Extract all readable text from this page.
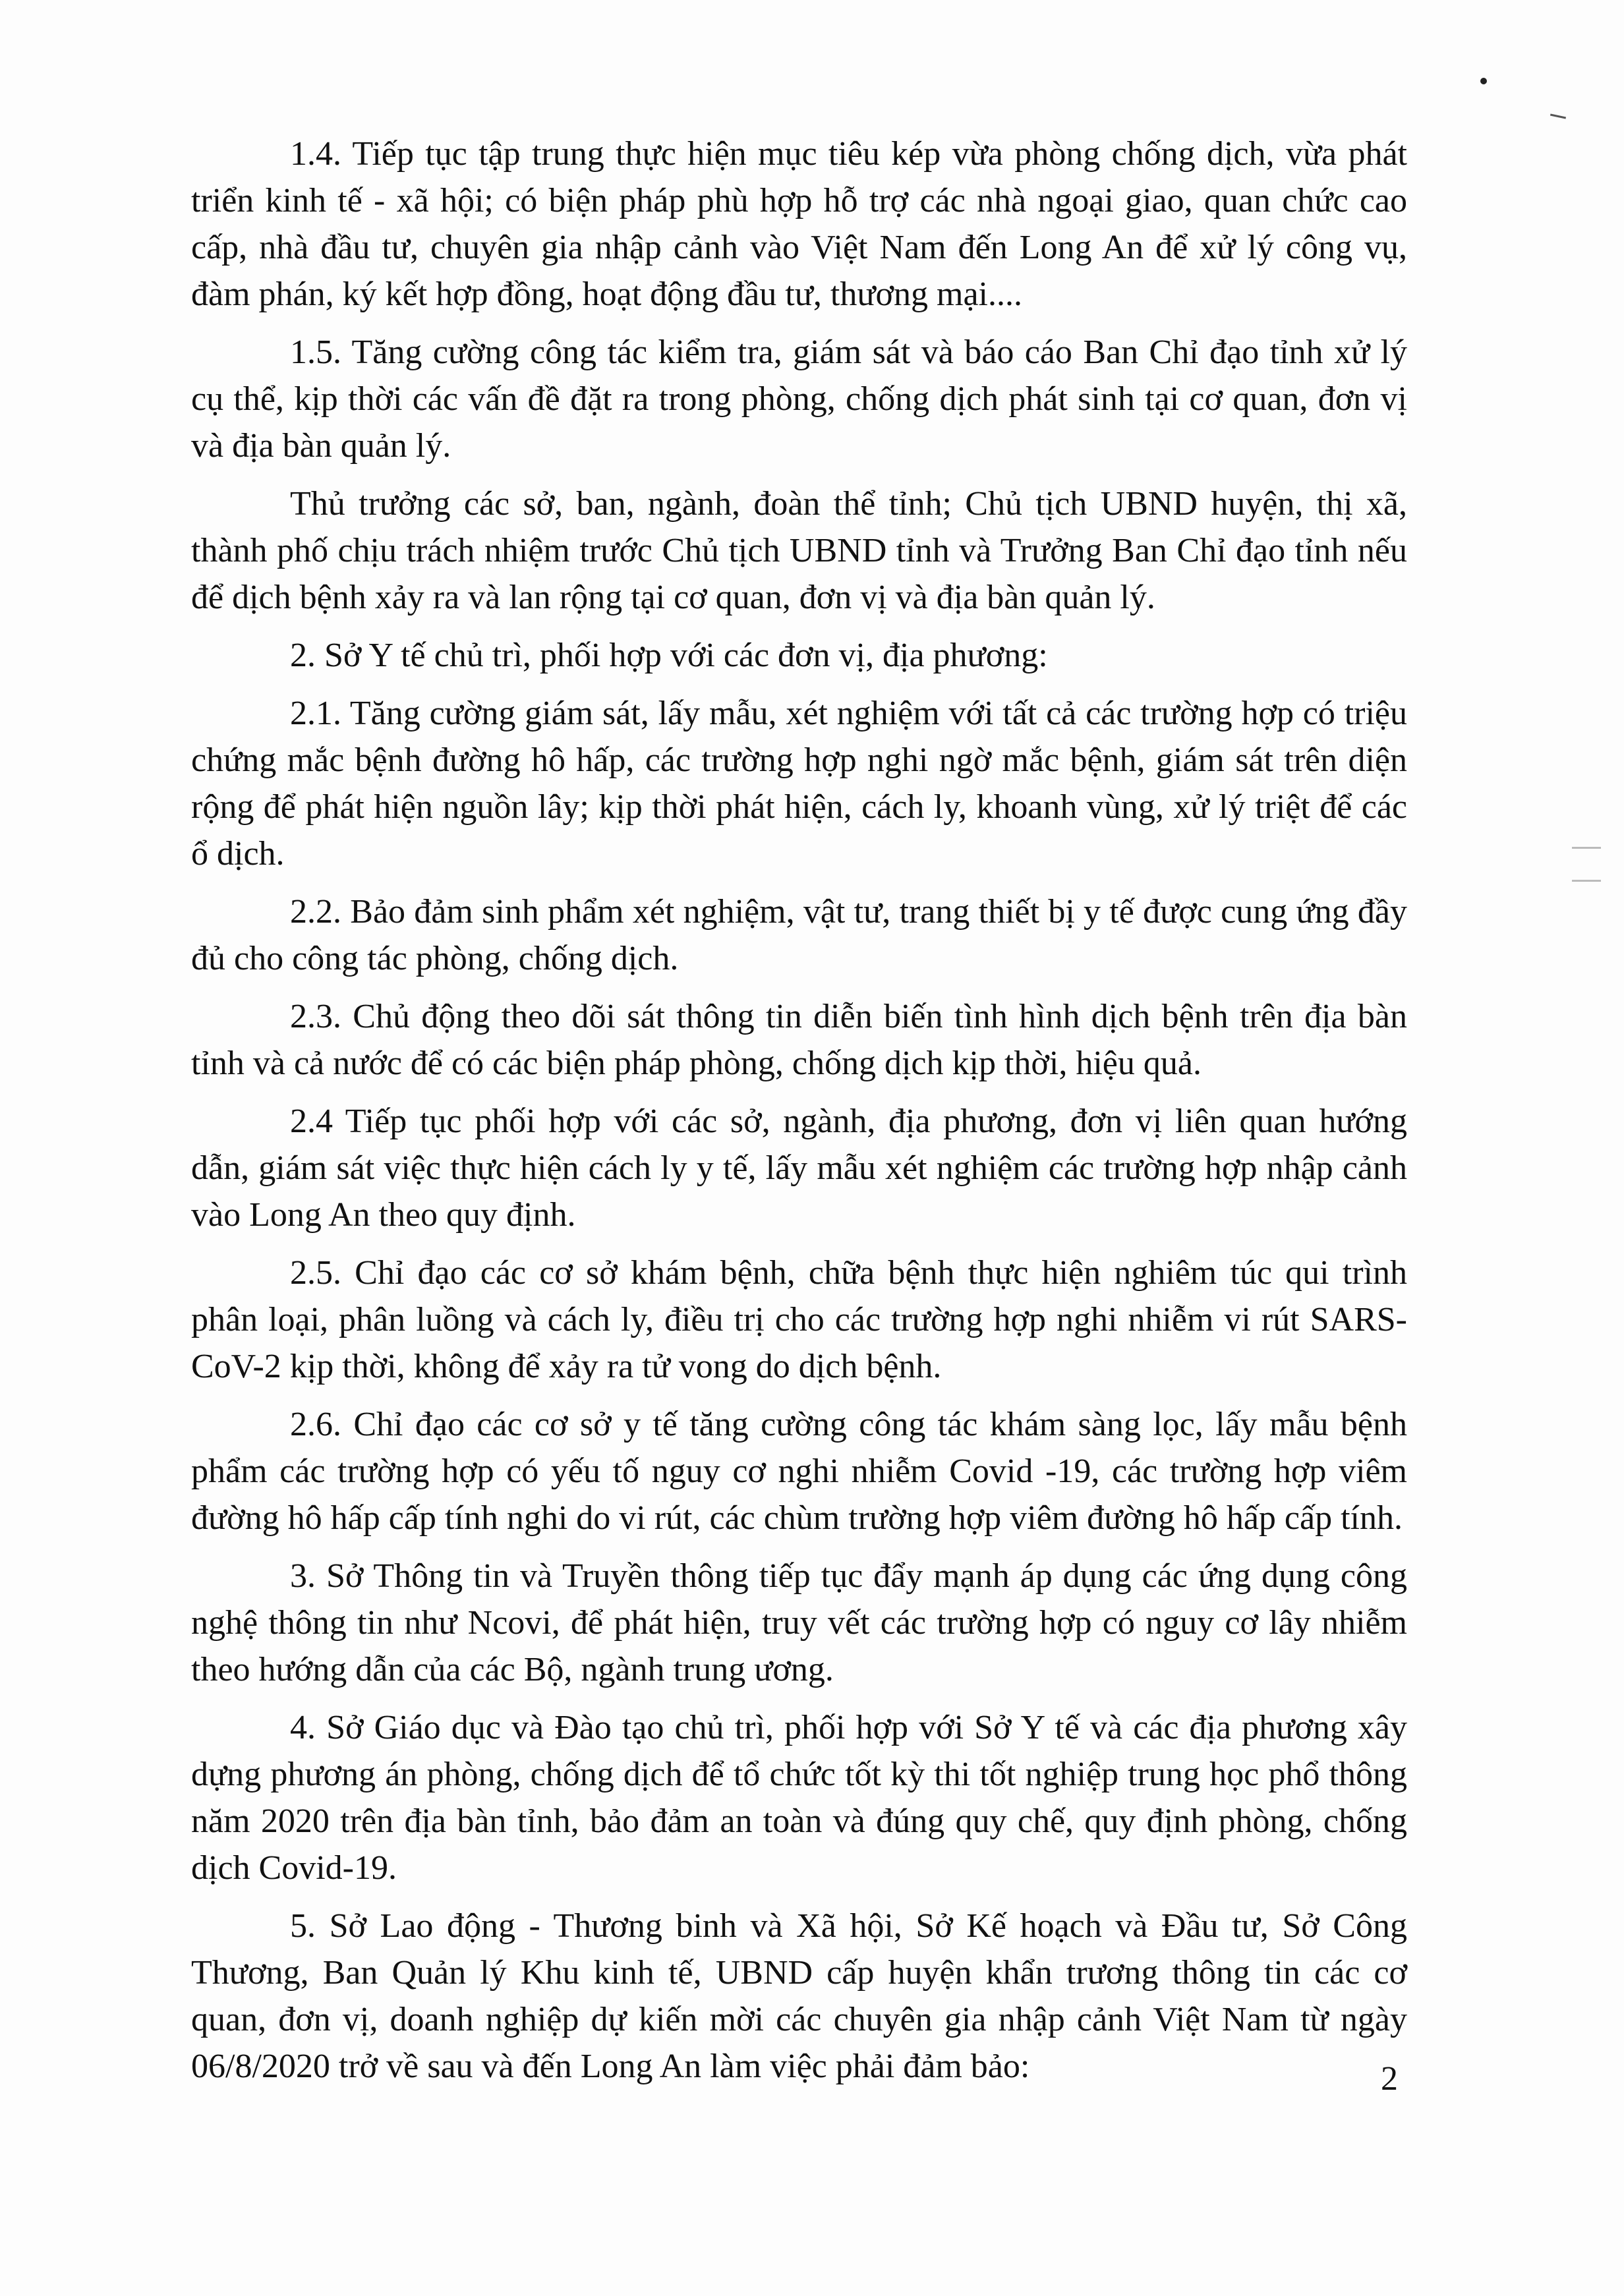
1.4. Tiếp tục tập trung thực hiện mục tiêu kép vừa phòng chống dịch, vừa phát triển kinh tế - xã hội; có biện pháp phù hợp hỗ trợ các nhà ngoại giao, quan chức cao cấp, nhà đầu tư, chuyên gia nhập cảnh vào Việt Nam đến Long An để xử lý công vụ, đàm phán, ký kết hợp đồng, hoạt động đầu tư, thương mại....

1.5. Tăng cường công tác kiểm tra, giám sát và báo cáo Ban Chỉ đạo tỉnh xử lý cụ thể, kịp thời các vấn đề đặt ra trong phòng, chống dịch phát sinh tại cơ quan, đơn vị và địa bàn quản lý.

Thủ trưởng các sở, ban, ngành, đoàn thể tỉnh; Chủ tịch UBND huyện, thị xã, thành phố chịu trách nhiệm trước Chủ tịch UBND tỉnh và Trưởng Ban Chỉ đạo tỉnh nếu để dịch bệnh xảy ra và lan rộng tại cơ quan, đơn vị và địa bàn quản lý.

2. Sở Y tế chủ trì, phối hợp với các đơn vị, địa phương:

2.1. Tăng cường giám sát, lấy mẫu, xét nghiệm với tất cả các trường hợp có triệu chứng mắc bệnh đường hô hấp, các trường hợp nghi ngờ mắc bệnh, giám sát trên diện rộng để phát hiện nguồn lây; kịp thời phát hiện, cách ly, khoanh vùng, xử lý triệt để các ổ dịch.

2.2. Bảo đảm sinh phẩm xét nghiệm, vật tư, trang thiết bị y tế được cung ứng đầy đủ cho công tác phòng, chống dịch.

2.3. Chủ động theo dõi sát thông tin diễn biến tình hình dịch bệnh trên địa bàn tỉnh và cả nước để có các biện pháp phòng, chống dịch kịp thời, hiệu quả.

2.4 Tiếp tục phối hợp với các sở, ngành, địa phương, đơn vị liên quan hướng dẫn, giám sát việc thực hiện cách ly y tế, lấy mẫu xét nghiệm các trường hợp nhập cảnh vào Long An theo quy định.

2.5. Chỉ đạo các cơ sở khám bệnh, chữa bệnh thực hiện nghiêm túc qui trình phân loại, phân luồng và cách ly, điều trị cho các trường hợp nghi nhiễm vi rút SARS-CoV-2 kịp thời, không để xảy ra tử vong do dịch bệnh.

2.6. Chỉ đạo các cơ sở y tế tăng cường công tác khám sàng lọc, lấy mẫu bệnh phẩm các trường hợp có yếu tố nguy cơ nghi nhiễm Covid -19, các trường hợp viêm đường hô hấp cấp tính nghi do vi rút, các chùm trường hợp viêm đường hô hấp cấp tính.

3. Sở Thông tin và Truyền thông tiếp tục đẩy mạnh áp dụng các ứng dụng công nghệ thông tin như Ncovi, để phát hiện, truy vết các trường hợp có nguy cơ lây nhiễm theo hướng dẫn của các Bộ, ngành trung ương.

4. Sở Giáo dục và Đào tạo chủ trì, phối hợp với Sở Y tế và các địa phương xây dựng phương án phòng, chống dịch để tổ chức tốt kỳ thi tốt nghiệp trung học phổ thông năm 2020 trên địa bàn tỉnh, bảo đảm an toàn và đúng quy chế, quy định phòng, chống dịch Covid-19.

5. Sở Lao động - Thương binh và Xã hội, Sở Kế hoạch và Đầu tư, Sở Công Thương, Ban Quản lý Khu kinh tế, UBND cấp huyện khẩn trương thông tin các cơ quan, đơn vị, doanh nghiệp dự kiến mời các chuyên gia nhập cảnh Việt Nam từ ngày 06/8/2020 trở về sau và đến Long An làm việc phải đảm bảo:	2
